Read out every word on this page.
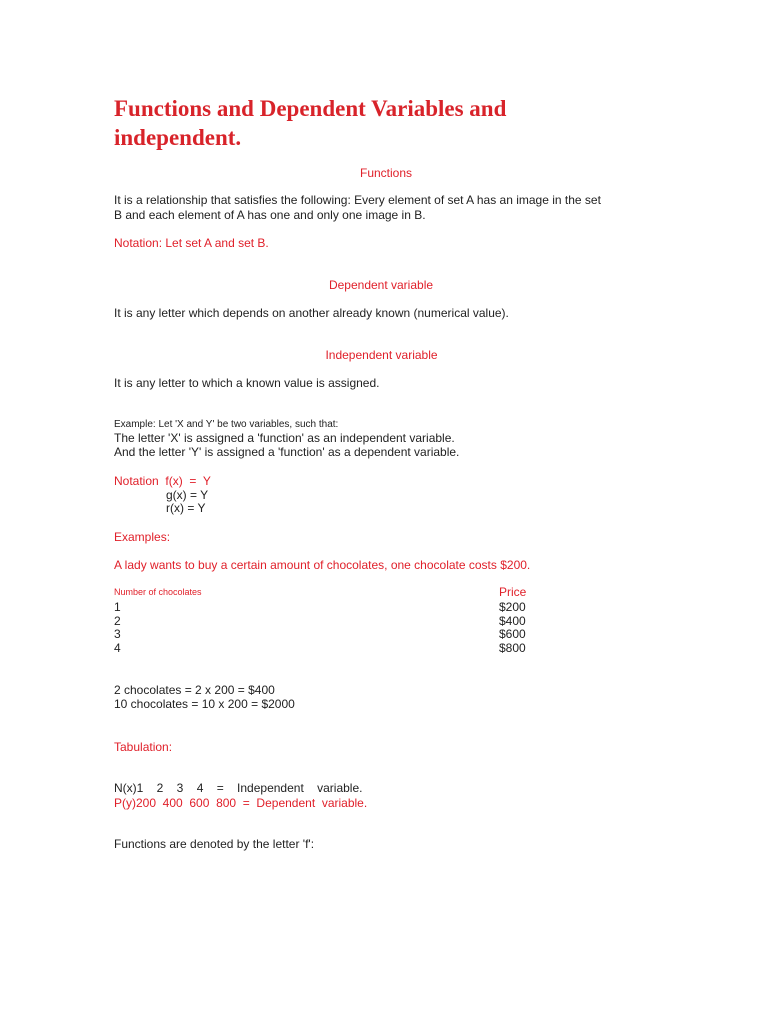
Functions and Dependent Variables and independent.

Functions

It is a relationship that satisfies the following: Every element of set A has an image in the set B and each element of A has one and only one image in B.

Notation: Let set A and set B.

Dependent variable

It is any letter which depends on another already known (numerical value).

Independent variable

It is any letter to which a known value is assigned.

Example: Let 'X and Y' be two variables, such that:

The letter 'X' is assigned a 'function' as an independent variable.

And the letter 'Y' is assigned a 'function' as a dependent variable.

Notation  f(x)  =  Y

g(x) = Y

r(x) = Y

Examples:

A lady wants to buy a certain amount of chocolates, one chocolate costs $200.

Number of chocolates	Price

1	$200

2	$400

3	$600

4	$800

2 chocolates = 2 x 200 = $400

10 chocolates = 10 x 200 = $2000

Tabulation:

N(x)1    2    3    4    =    Independent    variable.

P(y)200  400  600  800  =  Dependent  variable.

Functions are denoted by the letter 'f':
